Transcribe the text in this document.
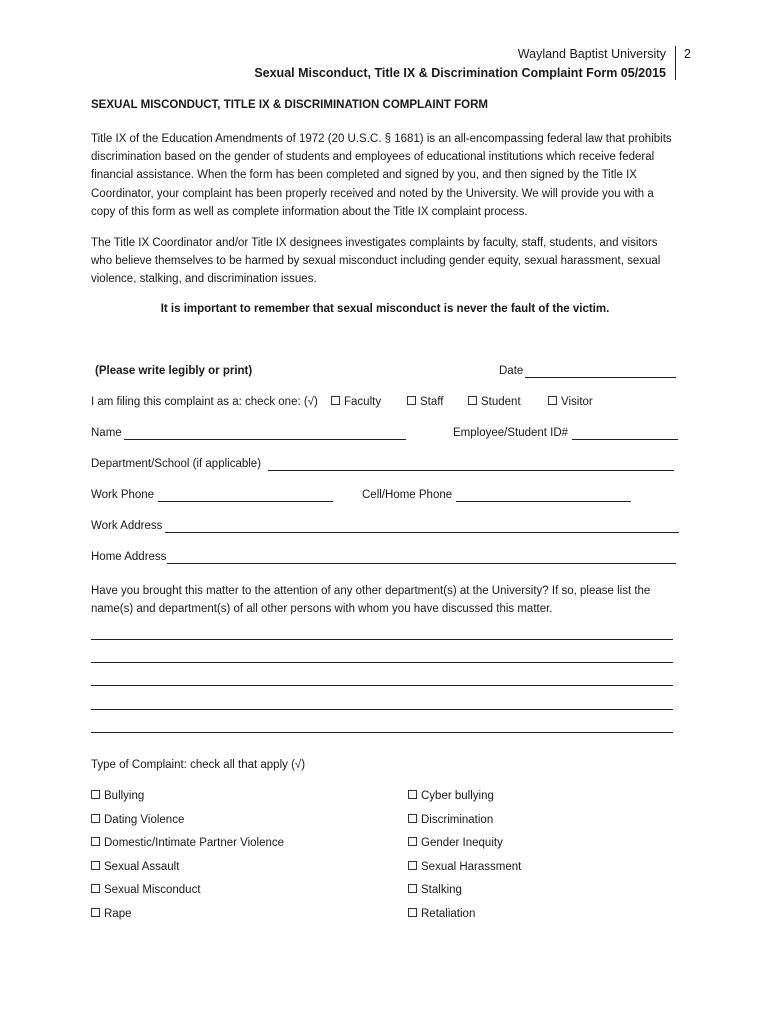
Wayland Baptist University
Sexual Misconduct, Title IX & Discrimination Complaint Form 05/2015
2
SEXUAL MISCONDUCT, TITLE IX & DISCRIMINATION COMPLAINT FORM
Title IX of the Education Amendments of 1972 (20 U.S.C. § 1681) is an all-encompassing federal law that prohibits discrimination based on the gender of students and employees of educational institutions which receive federal financial assistance. When the form has been completed and signed by you, and then signed by the Title IX Coordinator, your complaint has been properly received and noted by the University. We will provide you with a copy of this form as well as complete information about the Title IX complaint process.
The Title IX Coordinator and/or Title IX designees investigates complaints by faculty, staff, students, and visitors who believe themselves to be harmed by sexual misconduct including gender equity, sexual harassment, sexual violence, stalking, and discrimination issues.
It is important to remember that sexual misconduct is never the fault of the victim.
(Please write legibly or print)	Date
I am filing this complaint as a: check one: (√)	Faculty	Staff	Student	Visitor
Name	Employee/Student ID#
Department/School (if applicable)
Work Phone	Cell/Home Phone
Work Address
Home Address
Have you brought this matter to the attention of any other department(s) at the University? If so, please list the name(s) and department(s) of all other persons with whom you have discussed this matter.
Type of Complaint: check all that apply (√)
Bullying
Dating Violence
Domestic/Intimate Partner Violence
Sexual Assault
Sexual Misconduct
Rape
Cyber bullying
Discrimination
Gender Inequity
Sexual Harassment
Stalking
Retaliation
